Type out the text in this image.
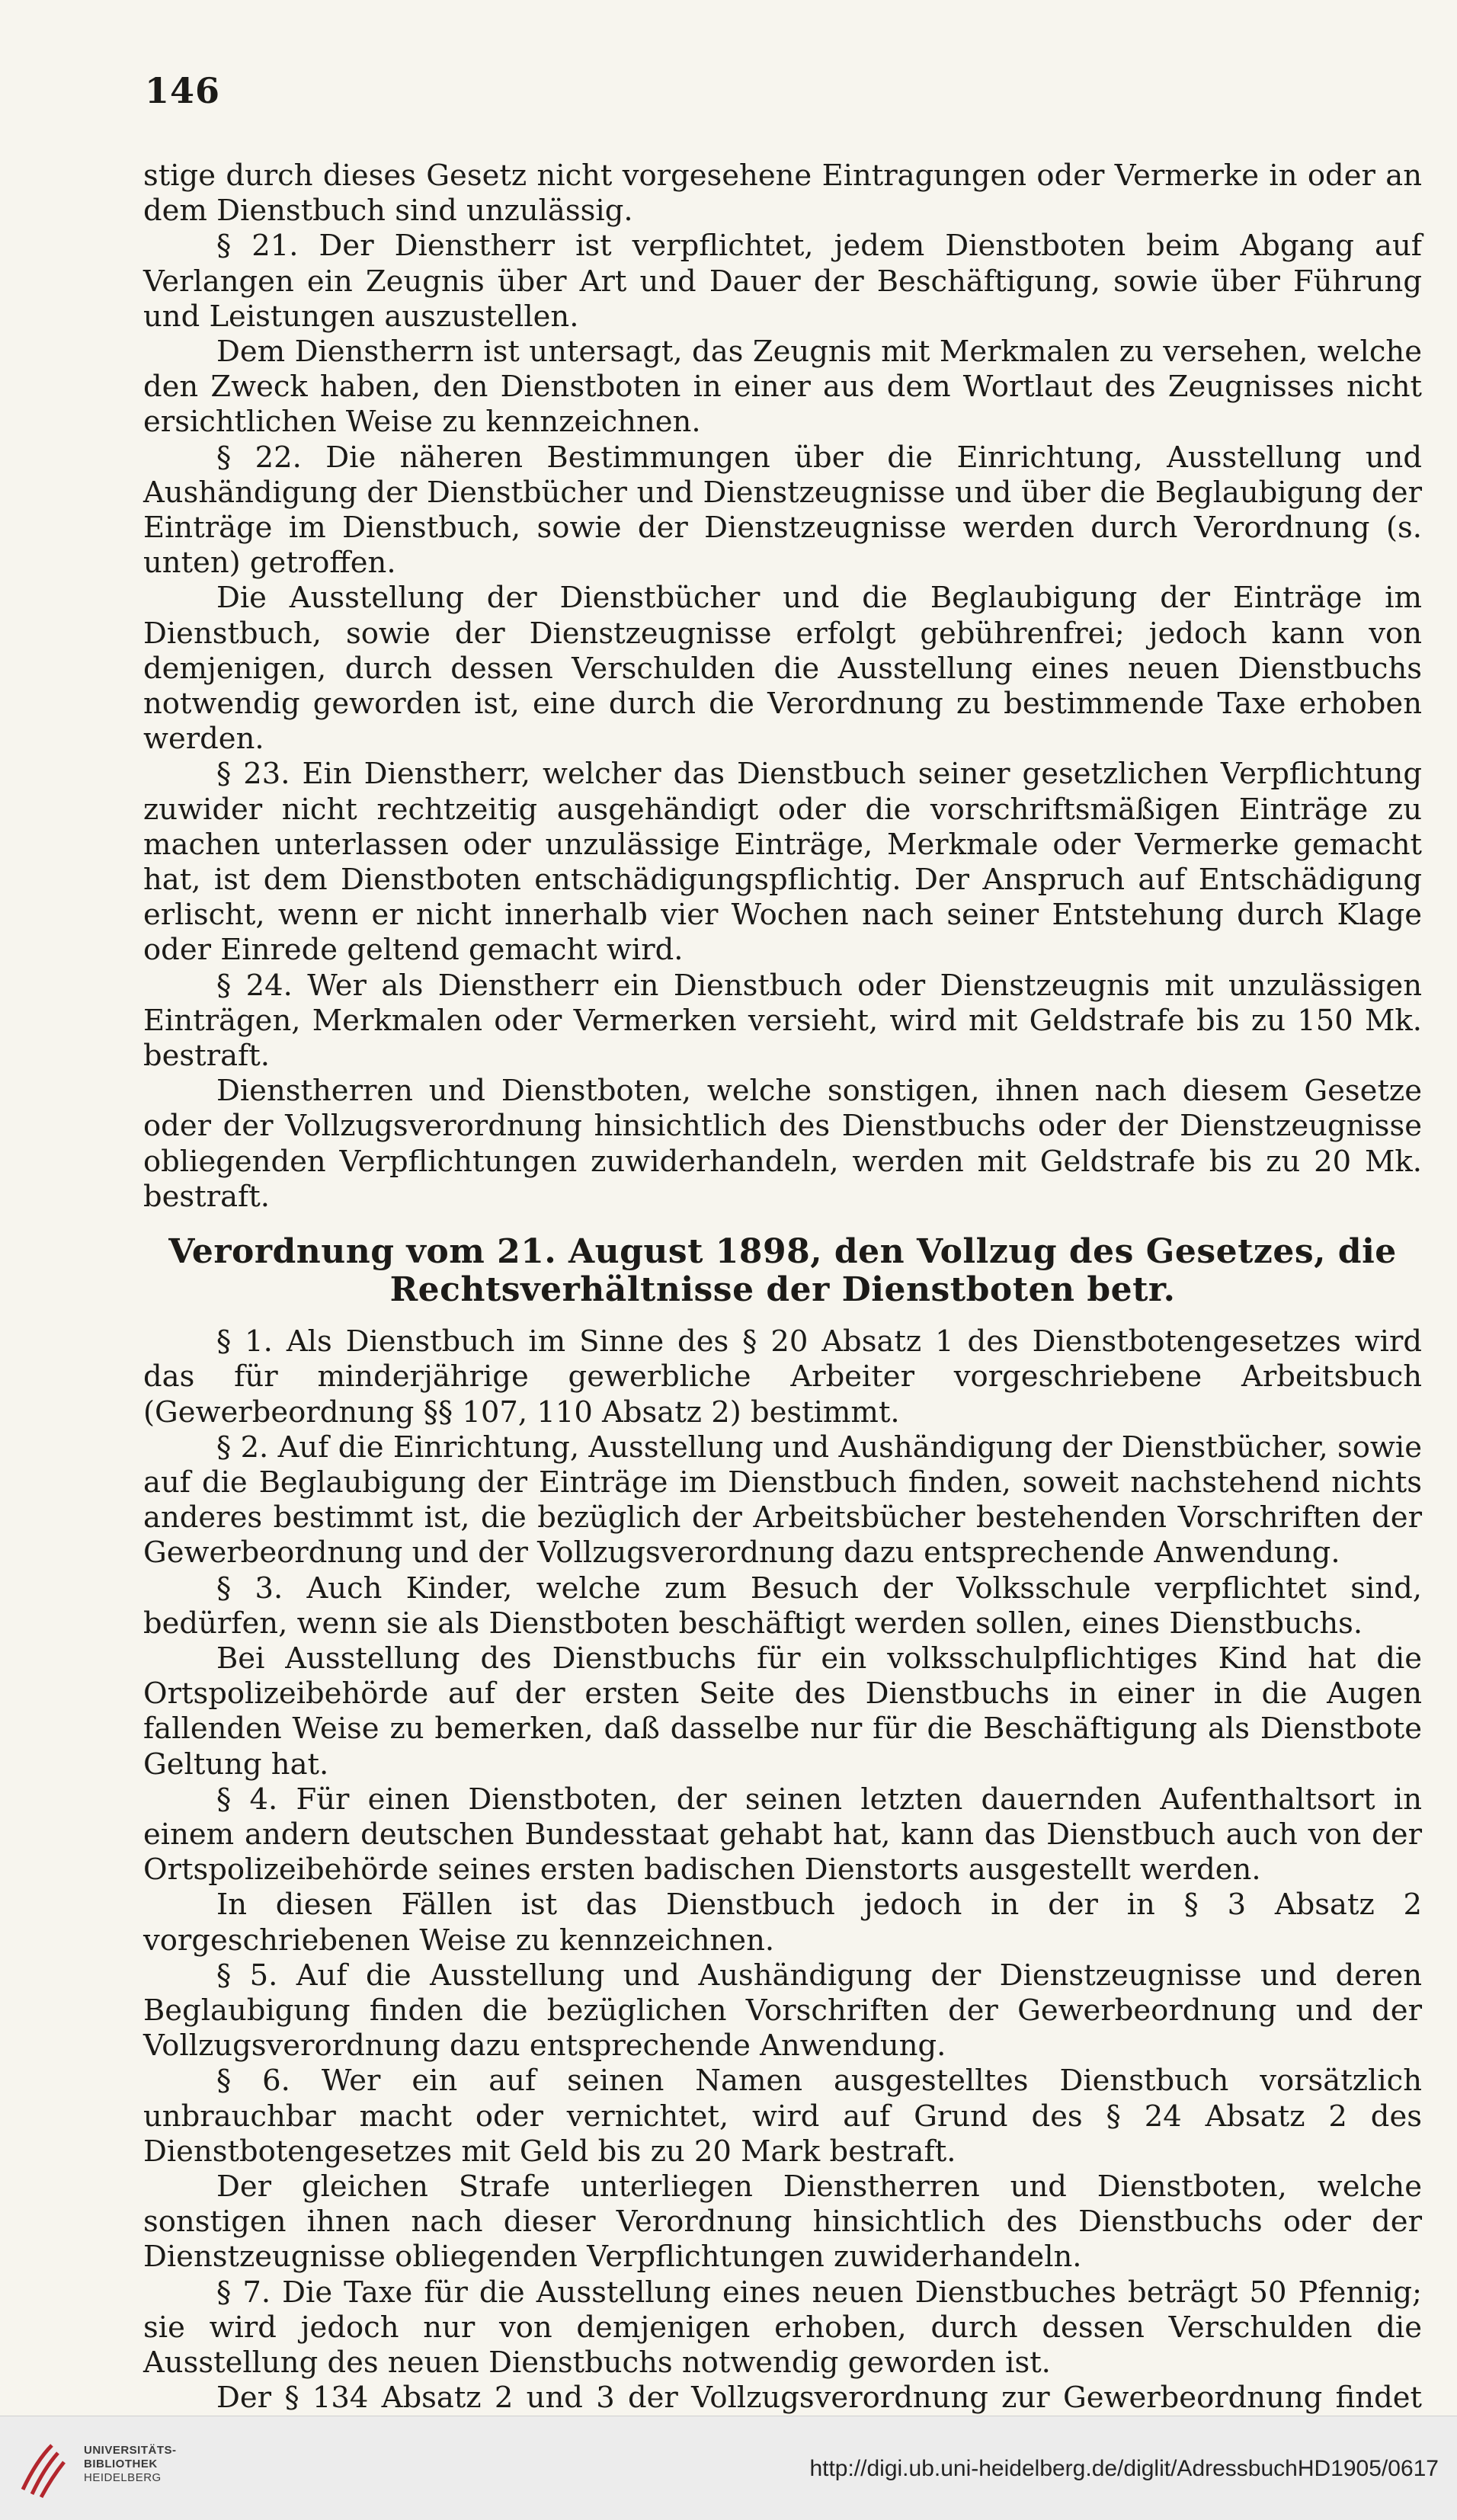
146

stige durch dieses Gesetz nicht vorgesehene Eintragungen oder Vermerke in oder an dem Dienstbuch sind unzulässig.

§ 21. Der Dienstherr ist verpflichtet, jedem Dienstboten beim Abgang auf Verlangen ein Zeugnis über Art und Dauer der Beschäftigung, sowie über Führung und Leistungen auszustellen.

Dem Dienstherrn ist untersagt, das Zeugnis mit Merkmalen zu versehen, welche den Zweck haben, den Dienstboten in einer aus dem Wortlaut des Zeugnisses nicht ersichtlichen Weise zu kennzeichnen.

§ 22. Die näheren Bestimmungen über die Einrichtung, Ausstellung und Aushändigung der Dienstbücher und Dienstzeugnisse und über die Beglaubigung der Einträge im Dienstbuch, sowie der Dienstzeugnisse werden durch Verordnung (s. unten) getroffen.

Die Ausstellung der Dienstbücher und die Beglaubigung der Einträge im Dienstbuch, sowie der Dienstzeugnisse erfolgt gebührenfrei; jedoch kann von demjenigen, durch dessen Verschulden die Ausstellung eines neuen Dienstbuchs notwendig geworden ist, eine durch die Verordnung zu bestimmende Taxe erhoben werden.

§ 23. Ein Dienstherr, welcher das Dienstbuch seiner gesetzlichen Verpflichtung zuwider nicht rechtzeitig ausgehändigt oder die vorschriftsmäßigen Einträge zu machen unterlassen oder unzulässige Einträge, Merkmale oder Vermerke gemacht hat, ist dem Dienstboten entschädigungspflichtig. Der Anspruch auf Entschädigung erlischt, wenn er nicht innerhalb vier Wochen nach seiner Entstehung durch Klage oder Einrede geltend gemacht wird.

§ 24. Wer als Dienstherr ein Dienstbuch oder Dienstzeugnis mit unzulässigen Einträgen, Merkmalen oder Vermerken versieht, wird mit Geldstrafe bis zu 150 Mk. bestraft.

Dienstherren und Dienstboten, welche sonstigen, ihnen nach diesem Gesetze oder der Vollzugsverordnung hinsichtlich des Dienstbuchs oder der Dienstzeugnisse obliegenden Verpflichtungen zuwiderhandeln, werden mit Geldstrafe bis zu 20 Mk. bestraft.

Verordnung vom 21. August 1898, den Vollzug des Gesetzes, die
Rechtsverhältnisse der Dienstboten betr.

§ 1. Als Dienstbuch im Sinne des § 20 Absatz 1 des Dienstbotengesetzes wird das für minderjährige gewerbliche Arbeiter vorgeschriebene Arbeitsbuch (Gewerbeordnung §§ 107, 110 Absatz 2) bestimmt.

§ 2. Auf die Einrichtung, Ausstellung und Aushändigung der Dienstbücher, sowie auf die Beglaubigung der Einträge im Dienstbuch finden, soweit nachstehend nichts anderes bestimmt ist, die bezüglich der Arbeitsbücher bestehenden Vorschriften der Gewerbeordnung und der Vollzugsverordnung dazu entsprechende Anwendung.

§ 3. Auch Kinder, welche zum Besuch der Volksschule verpflichtet sind, bedürfen, wenn sie als Dienstboten beschäftigt werden sollen, eines Dienstbuchs.

Bei Ausstellung des Dienstbuchs für ein volksschulpflichtiges Kind hat die Ortspolizeibehörde auf der ersten Seite des Dienstbuchs in einer in die Augen fallenden Weise zu bemerken, daß dasselbe nur für die Beschäftigung als Dienstbote Geltung hat.

§ 4. Für einen Dienstboten, der seinen letzten dauernden Aufenthaltsort in einem andern deutschen Bundesstaat gehabt hat, kann das Dienstbuch auch von der Ortspolizeibehörde seines ersten badischen Dienstorts ausgestellt werden.

In diesen Fällen ist das Dienstbuch jedoch in der in § 3 Absatz 2 vorgeschriebenen Weise zu kennzeichnen.

§ 5. Auf die Ausstellung und Aushändigung der Dienstzeugnisse und deren Beglaubigung finden die bezüglichen Vorschriften der Gewerbeordnung und der Vollzugsverordnung dazu entsprechende Anwendung.

§ 6. Wer ein auf seinen Namen ausgestelltes Dienstbuch vorsätzlich unbrauchbar macht oder vernichtet, wird auf Grund des § 24 Absatz 2 des Dienstbotengesetzes mit Geld bis zu 20 Mark bestraft.

Der gleichen Strafe unterliegen Dienstherren und Dienstboten, welche sonstigen ihnen nach dieser Verordnung hinsichtlich des Dienstbuchs oder der Dienstzeugnisse obliegenden Verpflichtungen zuwiderhandeln.

§ 7. Die Taxe für die Ausstellung eines neuen Dienstbuches beträgt 50 Pfennig; sie wird jedoch nur von demjenigen erhoben, durch dessen Verschulden die Ausstellung des neuen Dienstbuchs notwendig geworden ist.

Der § 134 Absatz 2 und 3 der Vollzugsverordnung zur Gewerbeordnung findet

UNIVERSITÄTS-
BIBLIOTHEK
HEIDELBERG	http://digi.ub.uni-heidelberg.de/diglit/AdressbuchHD1905/0617
